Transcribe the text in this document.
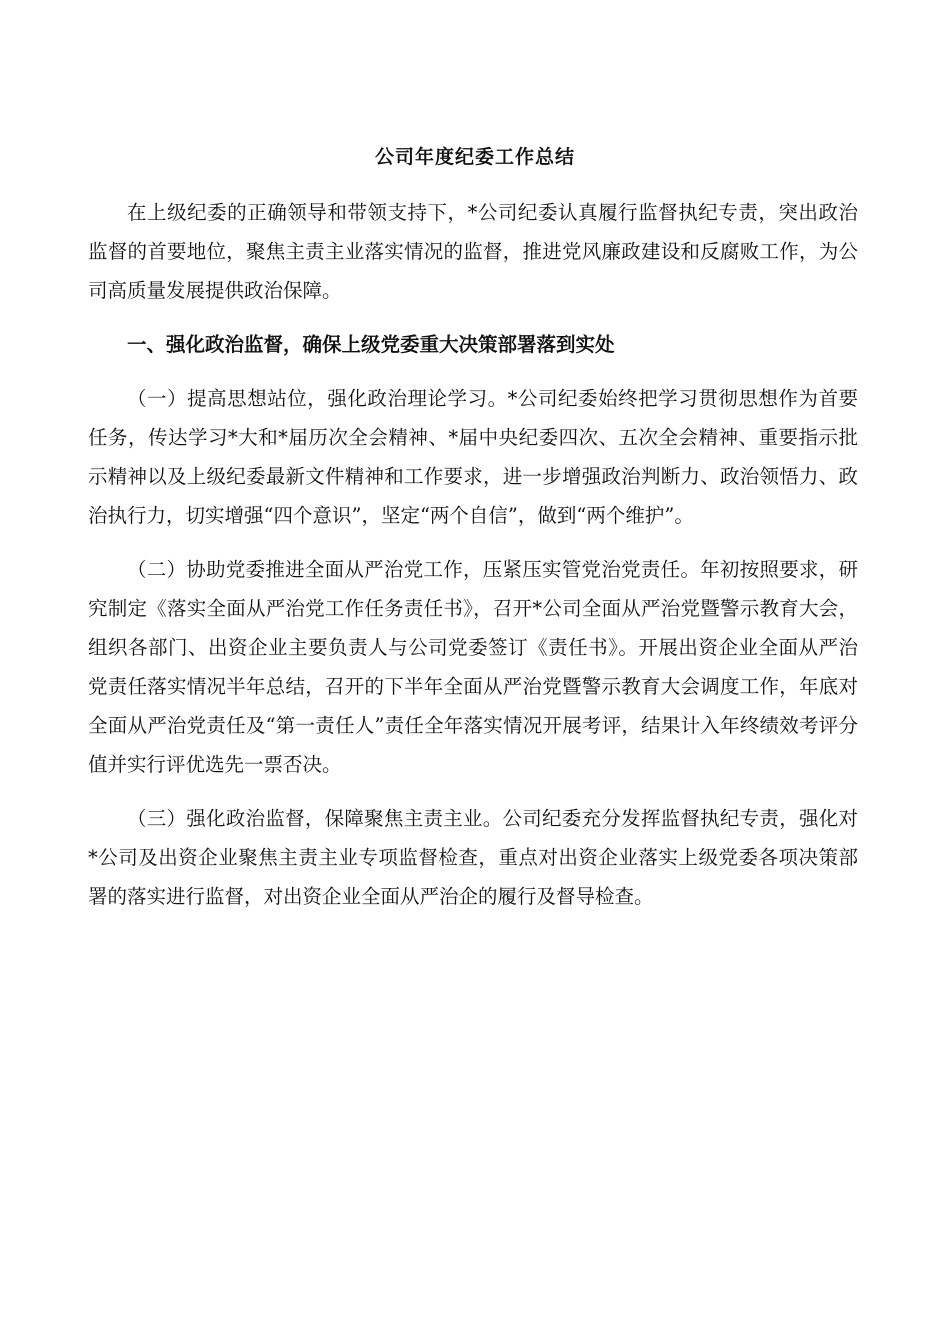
公司年度纪委工作总结

在上级纪委的正确领导和带领支持下，*公司纪委认真履行监督执纪专责，突出政治监督的首要地位，聚焦主责主业落实情况的监督，推进党风廉政建设和反腐败工作，为公司高质量发展提供政治保障。

一、强化政治监督，确保上级党委重大决策部署落到实处

（一）提高思想站位，强化政治理论学习。*公司纪委始终把学习贯彻思想作为首要任务，传达学习*大和*届历次全会精神、*届中央纪委四次、五次全会精神、重要指示批示精神以及上级纪委最新文件精神和工作要求，进一步增强政治判断力、政治领悟力、政治执行力，切实增强“四个意识”，坚定“两个自信”，做到“两个维护”。

（二）协助党委推进全面从严治党工作，压紧压实管党治党责任。年初按照要求，研究制定《落实全面从严治党工作任务责任书》，召开*公司全面从严治党暨警示教育大会，组织各部门、出资企业主要负责人与公司党委签订《责任书》。开展出资企业全面从严治党责任落实情况半年总结，召开的下半年全面从严治党暨警示教育大会调度工作，年底对全面从严治党责任及“第一责任人”责任全年落实情况开展考评，结果计入年终绩效考评分值并实行评优选先一票否决。

（三）强化政治监督，保障聚焦主责主业。公司纪委充分发挥监督执纪专责，强化对*公司及出资企业聚焦主责主业专项监督检查，重点对出资企业落实上级党委各项决策部署的落实进行监督，对出资企业全面从严治企的履行及督导检查。
